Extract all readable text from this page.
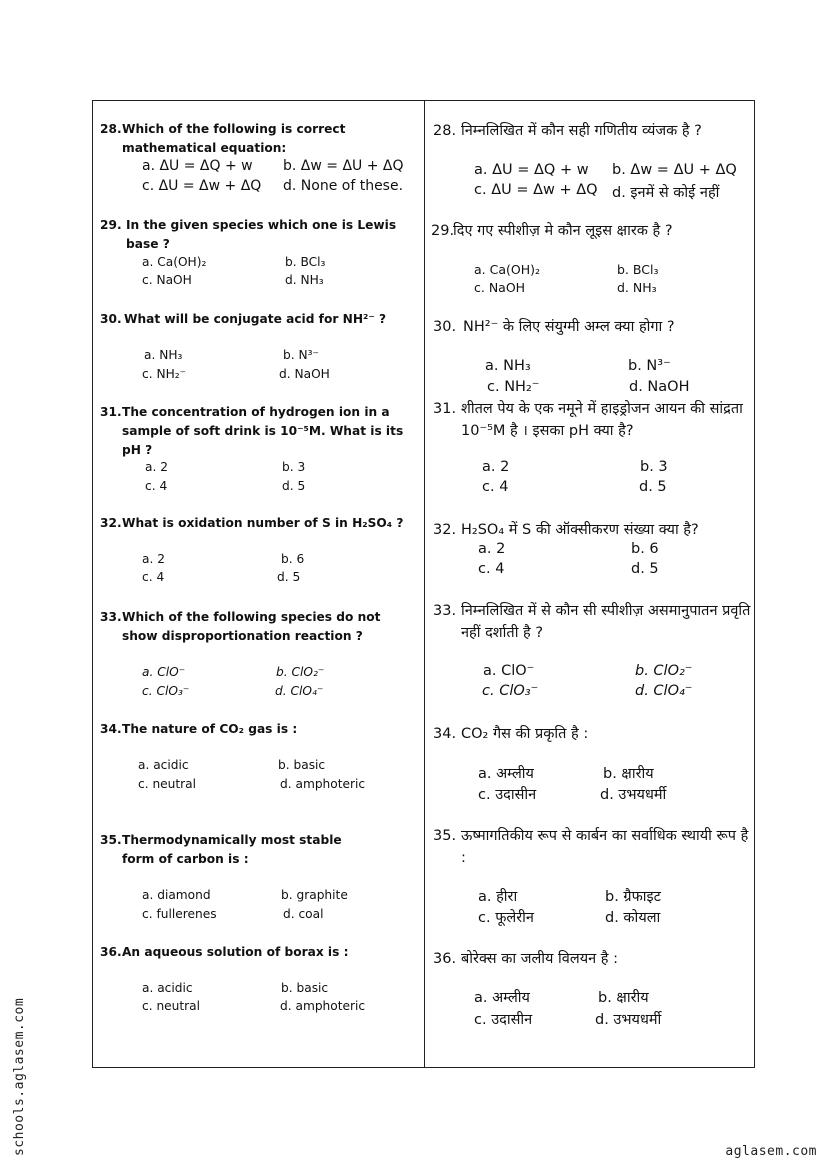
28. Which of the following is correct mathematical equation:
a. ΔU = ΔQ + w b. Δw = ΔU + ΔQ
c. ΔU = Δw + ΔQ d. None of these.
29. In the given species which one is Lewis base ?
a. Ca(OH)₂	b. BCl₃
c. NaOH	d. NH₃
30. What will be conjugate acid for NH²⁻ ?
a. NH₃	b. N³⁻
c. NH₂⁻	d. NaOH
31. The concentration of hydrogen ion in a sample of soft drink is 10⁻⁵M. What is its pH ?
a. 2	b. 3
c. 4	d. 5
32. What is oxidation number of S in H₂SO₄ ?
a. 2	b. 6
c. 4	d. 5
33. Which of the following species do not show disproportionation reaction ?
a. ClO⁻	b. ClO₂⁻
c. ClO₃⁻	d. ClO₄⁻
34. The nature of CO₂ gas is :
a. acidic	b. basic
c. neutral	d. amphoteric
35. Thermodynamically most stable form of carbon is :
a. diamond	b. graphite
c. fullerenes	d. coal
36. An aqueous solution of borax is :
a. acidic	b. basic
c. neutral	d. amphoteric
28. निम्नलिखित में कौन सही गणितीय व्यंजक है ?
a. ΔU = ΔQ + w b. Δw = ΔU + ΔQ
c. ΔU = Δw + ΔQ d. इनमें से कोई नहीं
29.
दिए गए स्पीशीज़ मे कौन लूइस क्षारक है ?
a. Ca(OH)₂	b. BCl₃
c. NaOH	d. NH₃
30. NH²⁻ के लिए संयुग्मी अम्ल क्या होगा ?
a. NH₃	b. N³⁻
c. NH₂⁻	d. NaOH
31. शीतल पेय के एक नमूने में हाइड्रोजन आयन की सांद्रता 10⁻⁵M है । इसका pH क्या है?
a. 2	b. 3
c. 4	d. 5
32. H₂SO₄ में S की ऑक्सीकरण संख्या क्या है?
a. 2	b. 6
c. 4	d. 5
33. निम्नलिखित में से कौन सी स्पीशीज़ असमानुपातन प्रवृति नहीं दर्शाती है ?
a. ClO⁻	b. ClO₂⁻
c. ClO₃⁻	d. ClO₄⁻
34. CO₂ गैस की प्रकृति है :
a. अम्लीय	b. क्षारीय
c. उदासीन	d. उभयधर्मी
35. ऊष्मागतिकीय रूप से कार्बन का सर्वाधिक स्थायी रूप है :
a. हीरा	b. ग्रैफाइट
c. फूलेरीन	d. कोयला
36. बोरेक्स का जलीय विलयन है :
a. अम्लीय	b. क्षारीय
c. उदासीन	d. उभयधर्मी
schools.aglasem.com	aglasem.com
